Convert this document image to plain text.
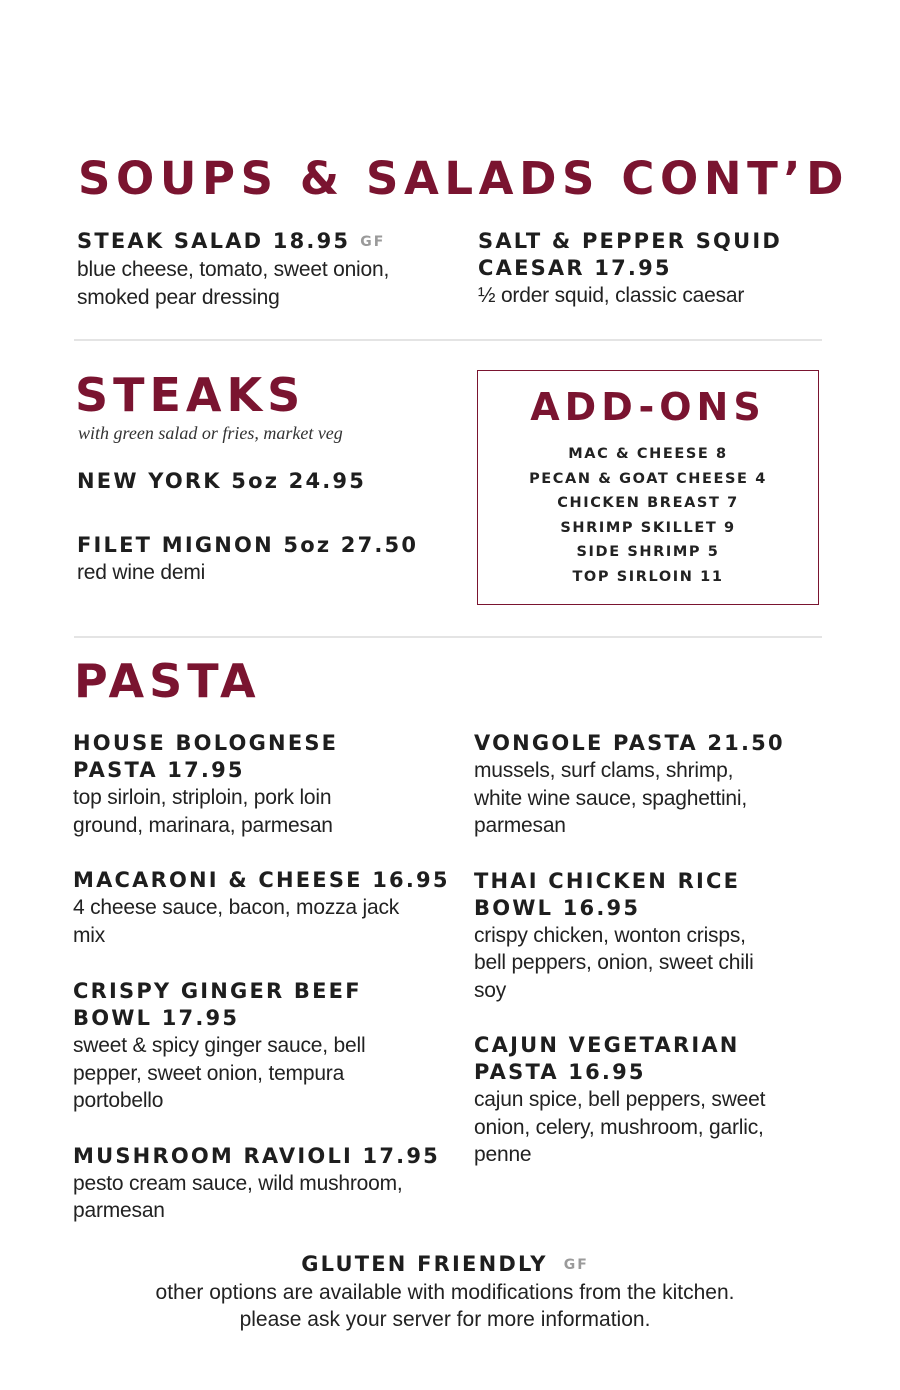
SOUPS & SALADS CONT’D
STEAK SALAD 18.95 GF
blue cheese, tomato, sweet onion,
smoked pear dressing
SALT & PEPPER SQUID
CAESAR 17.95
½ order squid, classic caesar
STEAKS
with green salad or fries, market veg
NEW YORK 5oz 24.95
FILET MIGNON 5oz 27.50
red wine demi
ADD-ONS
MAC & CHEESE 8
PECAN & GOAT CHEESE 4
CHICKEN BREAST 7
SHRIMP SKILLET 9
SIDE SHRIMP 5
TOP SIRLOIN 11
PASTA
HOUSE BOLOGNESE
PASTA 17.95
top sirloin, striploin, pork loin
ground, marinara, parmesan
MACARONI & CHEESE 16.95
4 cheese sauce, bacon, mozza jack
mix
CRISPY GINGER BEEF
BOWL 17.95
sweet & spicy ginger sauce, bell
pepper, sweet onion, tempura
portobello
MUSHROOM RAVIOLI 17.95
pesto cream sauce, wild mushroom,
parmesan
VONGOLE PASTA 21.50
mussels, surf clams, shrimp,
white wine sauce, spaghettini,
parmesan
THAI CHICKEN RICE
BOWL 16.95
crispy chicken, wonton crisps,
bell peppers, onion, sweet chili
soy
CAJUN VEGETARIAN
PASTA 16.95
cajun spice, bell peppers, sweet
onion, celery, mushroom, garlic,
penne
GLUTEN FRIENDLY GF
other options are available with modifications from the kitchen.
please ask your server for more information.
